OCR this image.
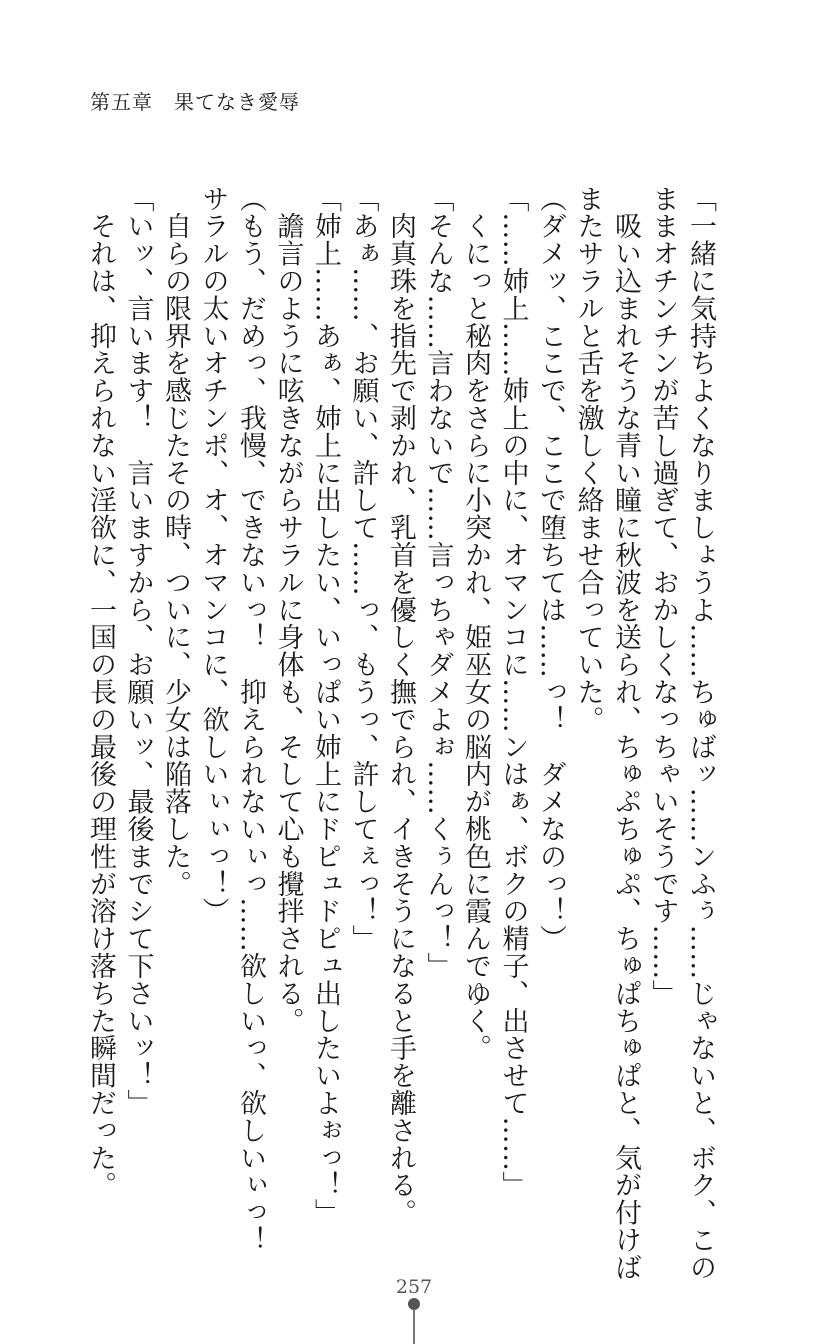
第五章　果てなき愛辱
「一緒に気持ちよくなりましょうよ……ちゅばッ……ンふぅ……じゃないと、ボク、この
ままオチンチンが苦し過ぎて、おかしくなっちゃいそうです……」
　吸い込まれそうな青い瞳に秋波を送られ、ちゅぷちゅぷ、ちゅぱちゅぱと、気が付けば
またサラルと舌を激しく絡ませ合っていた。
（ダメッ、ここで、ここで堕ちては……っ！　ダメなのっ！）
「……姉上……姉上の中に、オマンコに……ンはぁ、ボクの精子、出させて……」
　くにっと秘肉をさらに小突かれ、姫巫女の脳内が桃色に霞んでゆく。
「そんな……言わないで……言っちゃダメよぉ……くぅんっ！」
　肉真珠を指先で剥かれ、乳首を優しく撫でられ、イきそうになると手を離される。
「あぁ……、お願い、許して……っ、もうっ、許してぇっ！」
「姉上……あぁ、姉上に出したい、いっぱい姉上にドピュドピュ出したいよぉっ！」
　譫言のように呟きながらサラルに身体も、そして心も攪拌される。
（もう、だめっ、我慢、できないっ！　抑えられないぃっ……欲しいっ、欲しいぃっ！
サラルの太いオチンポ、オ、オマンコに、欲しいぃぃっ！）
　自らの限界を感じたその時、ついに、少女は陥落した。
「いッ、言います！　言いますから、お願いッ、最後までシて下さいッ！」
　それは、抑えられない淫欲に、一国の長の最後の理性が溶け落ちた瞬間だった。
257
